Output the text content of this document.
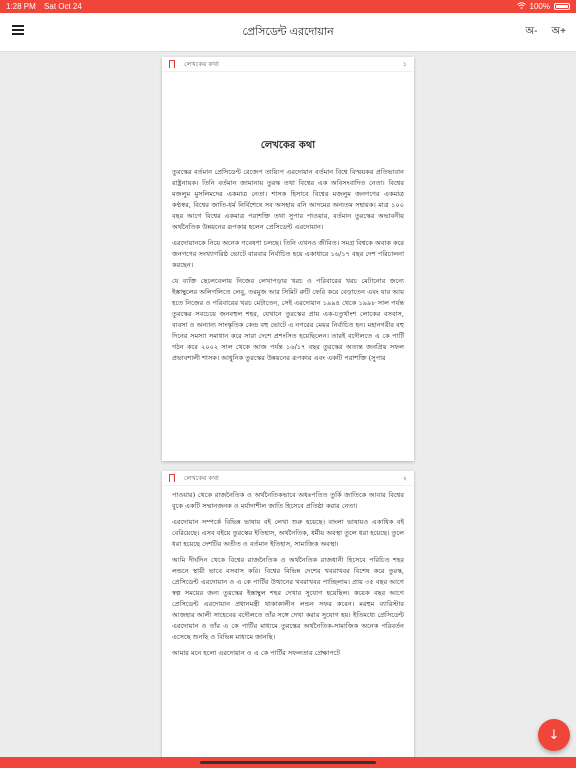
1:28 PM Sat Oct 24	100%
প্রেসিডেন্ট এরদোয়ান	অ- অ+
লেখকের কথা	১
লেখকের কথা

তুরস্কের বর্তমান প্রেসিডেন্ট রেজেপ তায়্যিপ এরদোয়ান বর্তমান বিশ্বে বিস্ময়কর প্রতিভাবান রাষ্ট্রনায়ক। তিনি বর্তমান জামানায় তুরস্ক তথা বিশ্বের এক অবিসংবাদিত নেতা। বিশ্বের মজলুম মুসলিমদের একমাত্র নেতা। শাসক হিসাবে বিশ্বের মজলুম জনগণের একমাত্র কণ্ঠস্বর, বিশ্বের জাতি-ধর্ম নির্বিশেষে সব অসহায় বনি আদমের অন্যতম সহায়ক। মাত্র ১০০ বছর আগে বিশ্বের একমাত্র পরাশক্তি তথা সুপার পাওয়ার, বর্তমান তুরস্কের অভাবনীয় অর্থনৈতিক উন্নয়নের রূপকার হলেন প্রেসিডেন্ট এরদোয়ান।

এরদোয়ানকে নিয়ে অনেক গবেষণা চলছে। তিনি এখনও জীবিত। সমগ্র বিশ্বকে অবাক করে জনগণের সংখ্যাগরিষ্ঠ ভোটে বারবার নির্বাচিত হয়ে একাধারে ১৬/১৭ বছর দেশ পরিচালনা করছেন।

যে ব্যক্তি ছেলেবেলায় নিজের লেখাপড়ার খরচ ও পরিবারের খরচ মেটানোর জন্যে ইস্তাম্বুলের অলিগলিতে লেবু, তরমুজ আর সিমিট রুটি ফেরি করে বেড়াতেন এবং যার আয় হতে নিজের ও পরিবারের খরচ মেটাতেন, সেই এরদোয়ান ১৯৯৪ থেকে ১৯৯৮ সাল পর্যন্ত তুরস্কের সবচেয়ে জনবহুল শহর, যেখানে তুরস্কের প্রায় এক-চতুর্থাংশ লোকের বসবাস, ব্যবসা ও অন্যান্য সাংস্কৃতিক কেন্দ্র বহু ভোটে এ নগরের মেয়র নির্বাচিত হন। মহানগরীর বহু দিনের সমস্যা সমাধান করে সারা দেশে প্রশংসিত হয়েছিলেন। তারই বদৌলতে এ কে পার্টি গঠন করে ২০০২ সাল থেকে আজ পর্যন্ত ১৬/১৭ বছর তুরস্কের অত্যন্ত জনপ্রিয় সফল প্রভাবশালী শাসক। আধুনিক তুরস্কের উন্নয়নের রূপকার এবং একটি পরাশক্তি (সুপার

লেখকের কথা	২

পাওয়ার) থেকে রাজনৈতিক ও অর্থনৈতিকভাবে অধঃপতিত তুর্কি জাতিকে আবার বিশ্বের বুকে একটি সম্মানজনক ও মর্যাদাশীল জাতি হিসেবে প্রতিষ্ঠা করার নেতা।

এরদোয়ান সম্পর্কে বিভিন্ন ভাষায় বই লেখা শুরু হয়েছে। বাংলা ভাষায়ও একাধিক বই বেরিয়েছে। এসব বইয়ে তুরস্কের ইতিহাস, অর্থনৈতিক, ধর্মীয় অবস্থা তুলে ধরা হয়েছে। তুলে ধরা হয়েছে দেশটির অতীত ও বর্তমান ইতিহাস, সামাজিক অবস্থা।

আমি দীর্ঘদিন থেকে বিশ্বের রাজনৈতিক ও অর্থনৈতিক রাজধানী হিসেবে পরিচিত শহর লন্ডনে স্থায়ী ভাবে বসবাস করি। বিশ্বের বিভিন্ন দেশের খবরাখবর বিশেষ করে তুরস্ক, প্রেসিডেন্ট এরদোয়ান ও এ কে পার্টির উত্থানের খবরাখবর পাচ্ছিলাম। প্রায় ৩৫ বছর আগে স্বল্প সময়ের জন্য তুরস্কের ইস্তাম্বুল শহর দেখার সুযোগ হয়েছিল। কয়েক বছর আগে প্রেসিডেন্ট এরদোয়ান প্রধানমন্ত্রী থাকাকালীন লন্ডন সফর করেন। মরহুম ব্যারিস্টার আজহার আলী সাহেবের বদৌলতে তাঁর সঙ্গে দেখা করার সুযোগ হয়। ইতিমধ্যে প্রেসিডেন্ট এরদোয়ান ও তাঁর এ কে পার্টির মাধ্যমে তুরস্কের অর্থনৈতিক-সামাজিক অনেক পরিবর্তন এসেছে শুনছি ও বিভিন্ন মাধ্যমে জানছি।

আমার মনে হলো এরদোয়ান ও এ কে পার্টির সফলতার প্রেক্ষাপটে

↓
